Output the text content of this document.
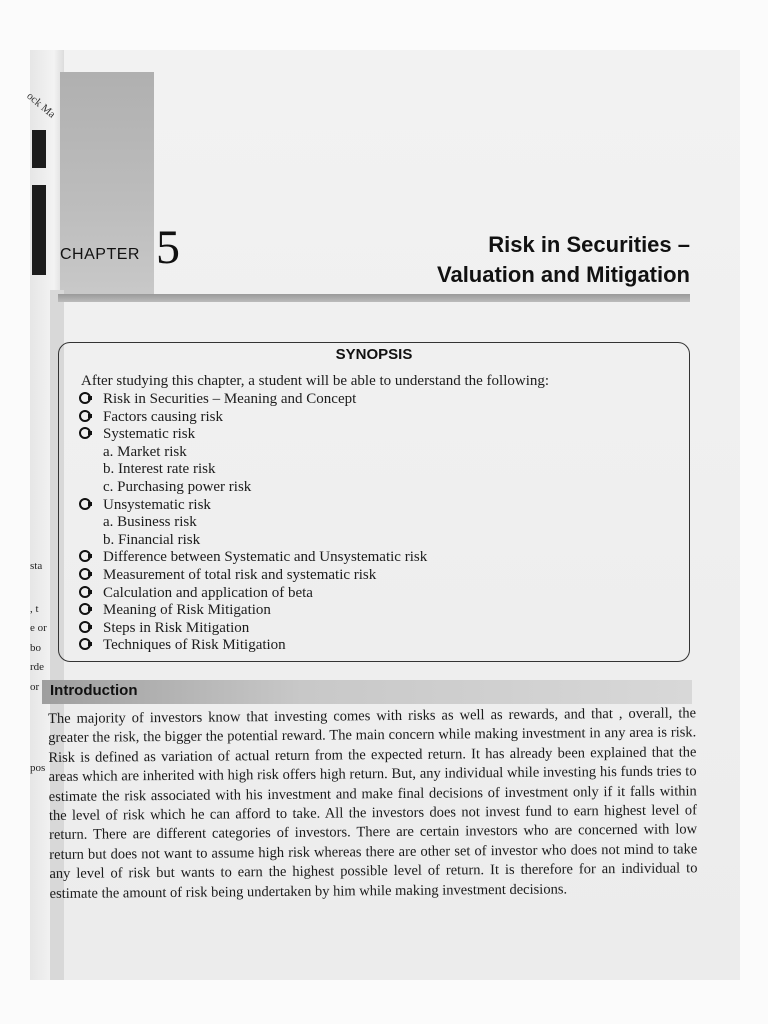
ock Ma
sta
, t
e or
bo
rde
or
pos
CHAPTER 5	Risk in Securities –
Valuation and Mitigation
SYNOPSIS
After studying this chapter, a student will be able to understand the following:
Risk in Securities – Meaning and Concept
Factors causing risk
Systematic risk
a. Market risk
b. Interest rate risk
c. Purchasing power risk
Unsystematic risk
a. Business risk
b. Financial risk
Difference between Systematic and Unsystematic risk
Measurement of total risk and systematic risk
Calculation and application of beta
Meaning of Risk Mitigation
Steps in Risk Mitigation
Techniques of Risk Mitigation
Introduction
The majority of investors know that investing comes with risks as well as rewards, and that , overall, the greater the risk, the bigger the potential reward. The main concern while making investment in any area is risk. Risk is defined as variation of actual return from the expected return. It has already been explained that the areas which are inherited with high risk offers high return. But, any individual while investing his funds tries to estimate the risk associated with his investment and make final decisions of investment only if it falls within the level of risk which he can afford to take. All the investors does not invest fund to earn highest level of return. There are different categories of investors. There are certain investors who are concerned with low return but does not want to assume high risk whereas there are other set of investor who does not mind to take any level of risk but wants to earn the highest possible level of return. It is therefore for an individual to estimate the amount of risk being undertaken by him while making investment decisions.
